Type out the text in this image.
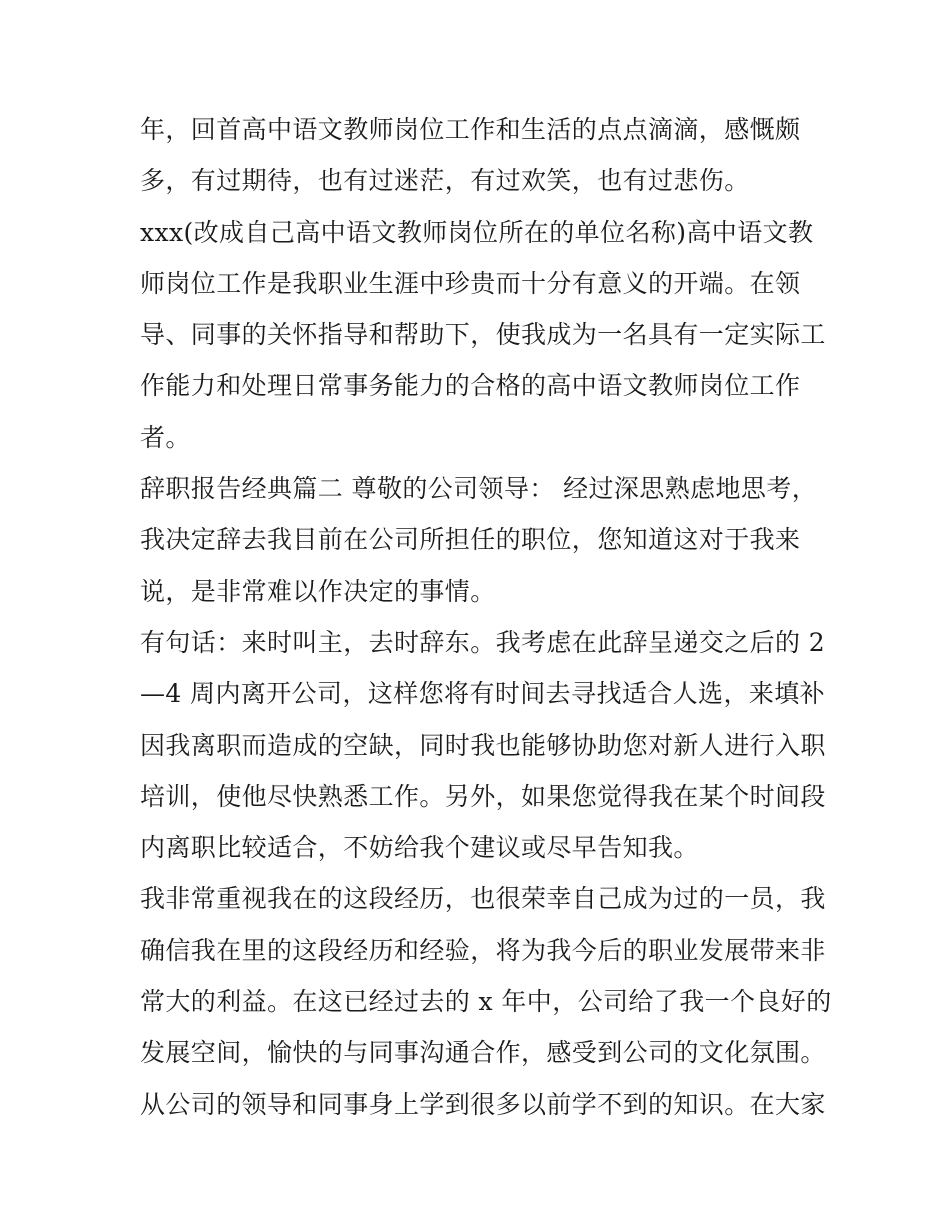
年，回首高中语文教师岗位工作和生活的点点滴滴，感慨颇
多，有过期待，也有过迷茫，有过欢笑，也有过悲伤。
xxx(改成自己高中语文教师岗位所在的单位名称)高中语文教
师岗位工作是我职业生涯中珍贵而十分有意义的开端。在领
导、同事的关怀指导和帮助下，使我成为一名具有一定实际工
作能力和处理日常事务能力的合格的高中语文教师岗位工作
者。
辞职报告经典篇二 尊敬的公司领导： 经过深思熟虑地思考，
我决定辞去我目前在公司所担任的职位，您知道这对于我来
说，是非常难以作决定的事情。
有句话：来时叫主，去时辞东。我考虑在此辞呈递交之后的 2
—4 周内离开公司，这样您将有时间去寻找适合人选，来填补
因我离职而造成的空缺，同时我也能够协助您对新人进行入职
培训，使他尽快熟悉工作。另外，如果您觉得我在某个时间段
内离职比较适合，不妨给我个建议或尽早告知我。
我非常重视我在的这段经历，也很荣幸自己成为过的一员，我
确信我在里的这段经历和经验，将为我今后的职业发展带来非
常大的利益。在这已经过去的 x 年中，公司给了我一个良好的
发展空间，愉快的与同事沟通合作，感受到公司的文化氛围。
从公司的领导和同事身上学到很多以前学不到的知识。在大家
